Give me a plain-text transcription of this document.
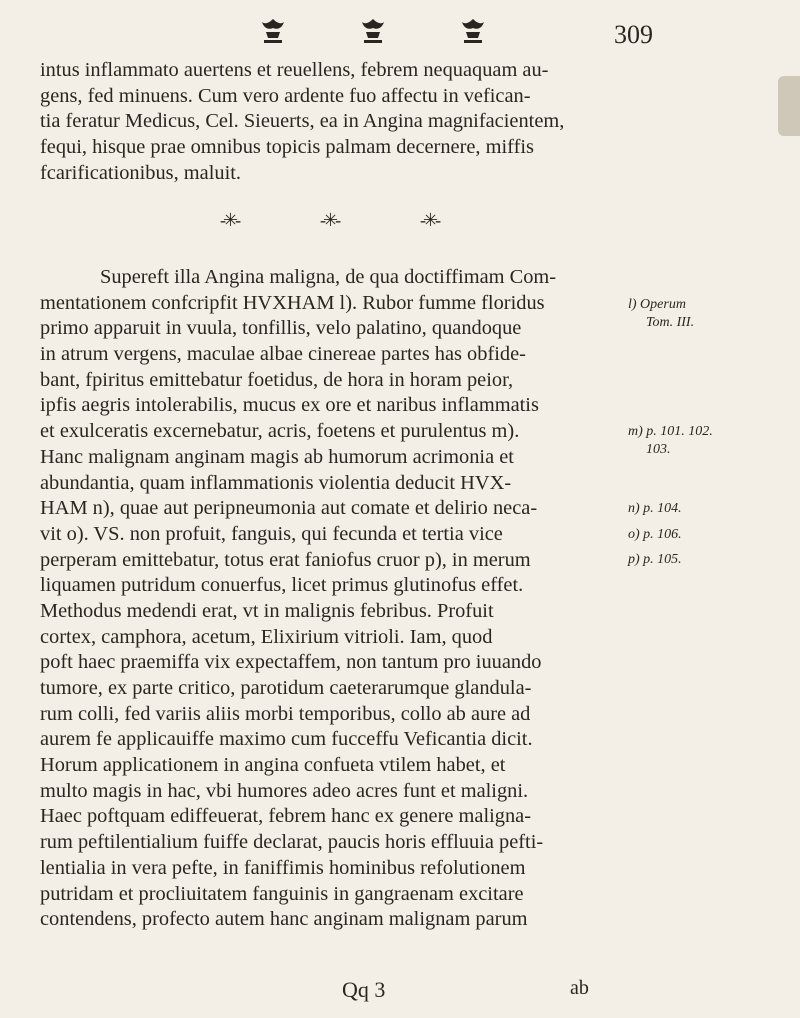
309
intus inflammato auertens et reuellens, febrem nequaquam au-
gens, fed minuens. Cum vero ardente fuo affectu in vefican-
tia feratur Medicus, Cel. Sieuerts, ea in Angina magnifacientem,
fequi, hisque prae omnibus topicis palmam decernere, miffis
fcarificationibus, maluit.
-✳-	-✳-	-✳-
Supereft illa Angina maligna, de qua doctiffimam Com-
mentationem confcripfit HVXHAM l). Rubor fumme floridus
primo apparuit in vuula, tonfillis, velo palatino, quandoque
in atrum vergens, maculae albae cinereae partes has obfide-
bant, fpiritus emittebatur foetidus, de hora in horam peior,
ipfis aegris intolerabilis, mucus ex ore et naribus inflammatis
et exulceratis excernebatur, acris, foetens et purulentus m).
Hanc malignam anginam magis ab humorum acrimonia et
abundantia, quam inflammationis violentia deducit HVX-
HAM n), quae aut peripneumonia aut comate et delirio neca-
vit o). VS. non profuit, fanguis, qui fecunda et tertia vice
perperam emittebatur, totus erat faniofus cruor p), in merum
liquamen putridum conuerfus, licet primus glutinofus effet.
Methodus medendi erat, vt in malignis febribus. Profuit
cortex, camphora, acetum, Elixirium vitrioli. Iam, quod
poft haec praemiffa vix expectaffem, non tantum pro iuuando
tumore, ex parte critico, parotidum caeterarumque glandula-
rum colli, fed variis aliis morbi temporibus, collo ab aure ad
aurem fe applicauiffe maximo cum fucceffu Veficantia dicit.
Horum applicationem in angina confueta vtilem habet, et
multo magis in hac, vbi humores adeo acres funt et maligni.
Haec poftquam ediffeuerat, febrem hanc ex genere maligna-
rum peftilentialium fuiffe declarat, paucis horis effluuia pefti-
lentialia in vera pefte, in faniffimis hominibus refolutionem
putridam et procliuitatem fanguinis in gangraenam excitare
contendens, profecto autem hanc anginam malignam parum
l) Operum
Tom. III.
m) p. 101. 102.
103.
n) p. 104.
o) p. 106.
p) p. 105.
Qq 3	ab
